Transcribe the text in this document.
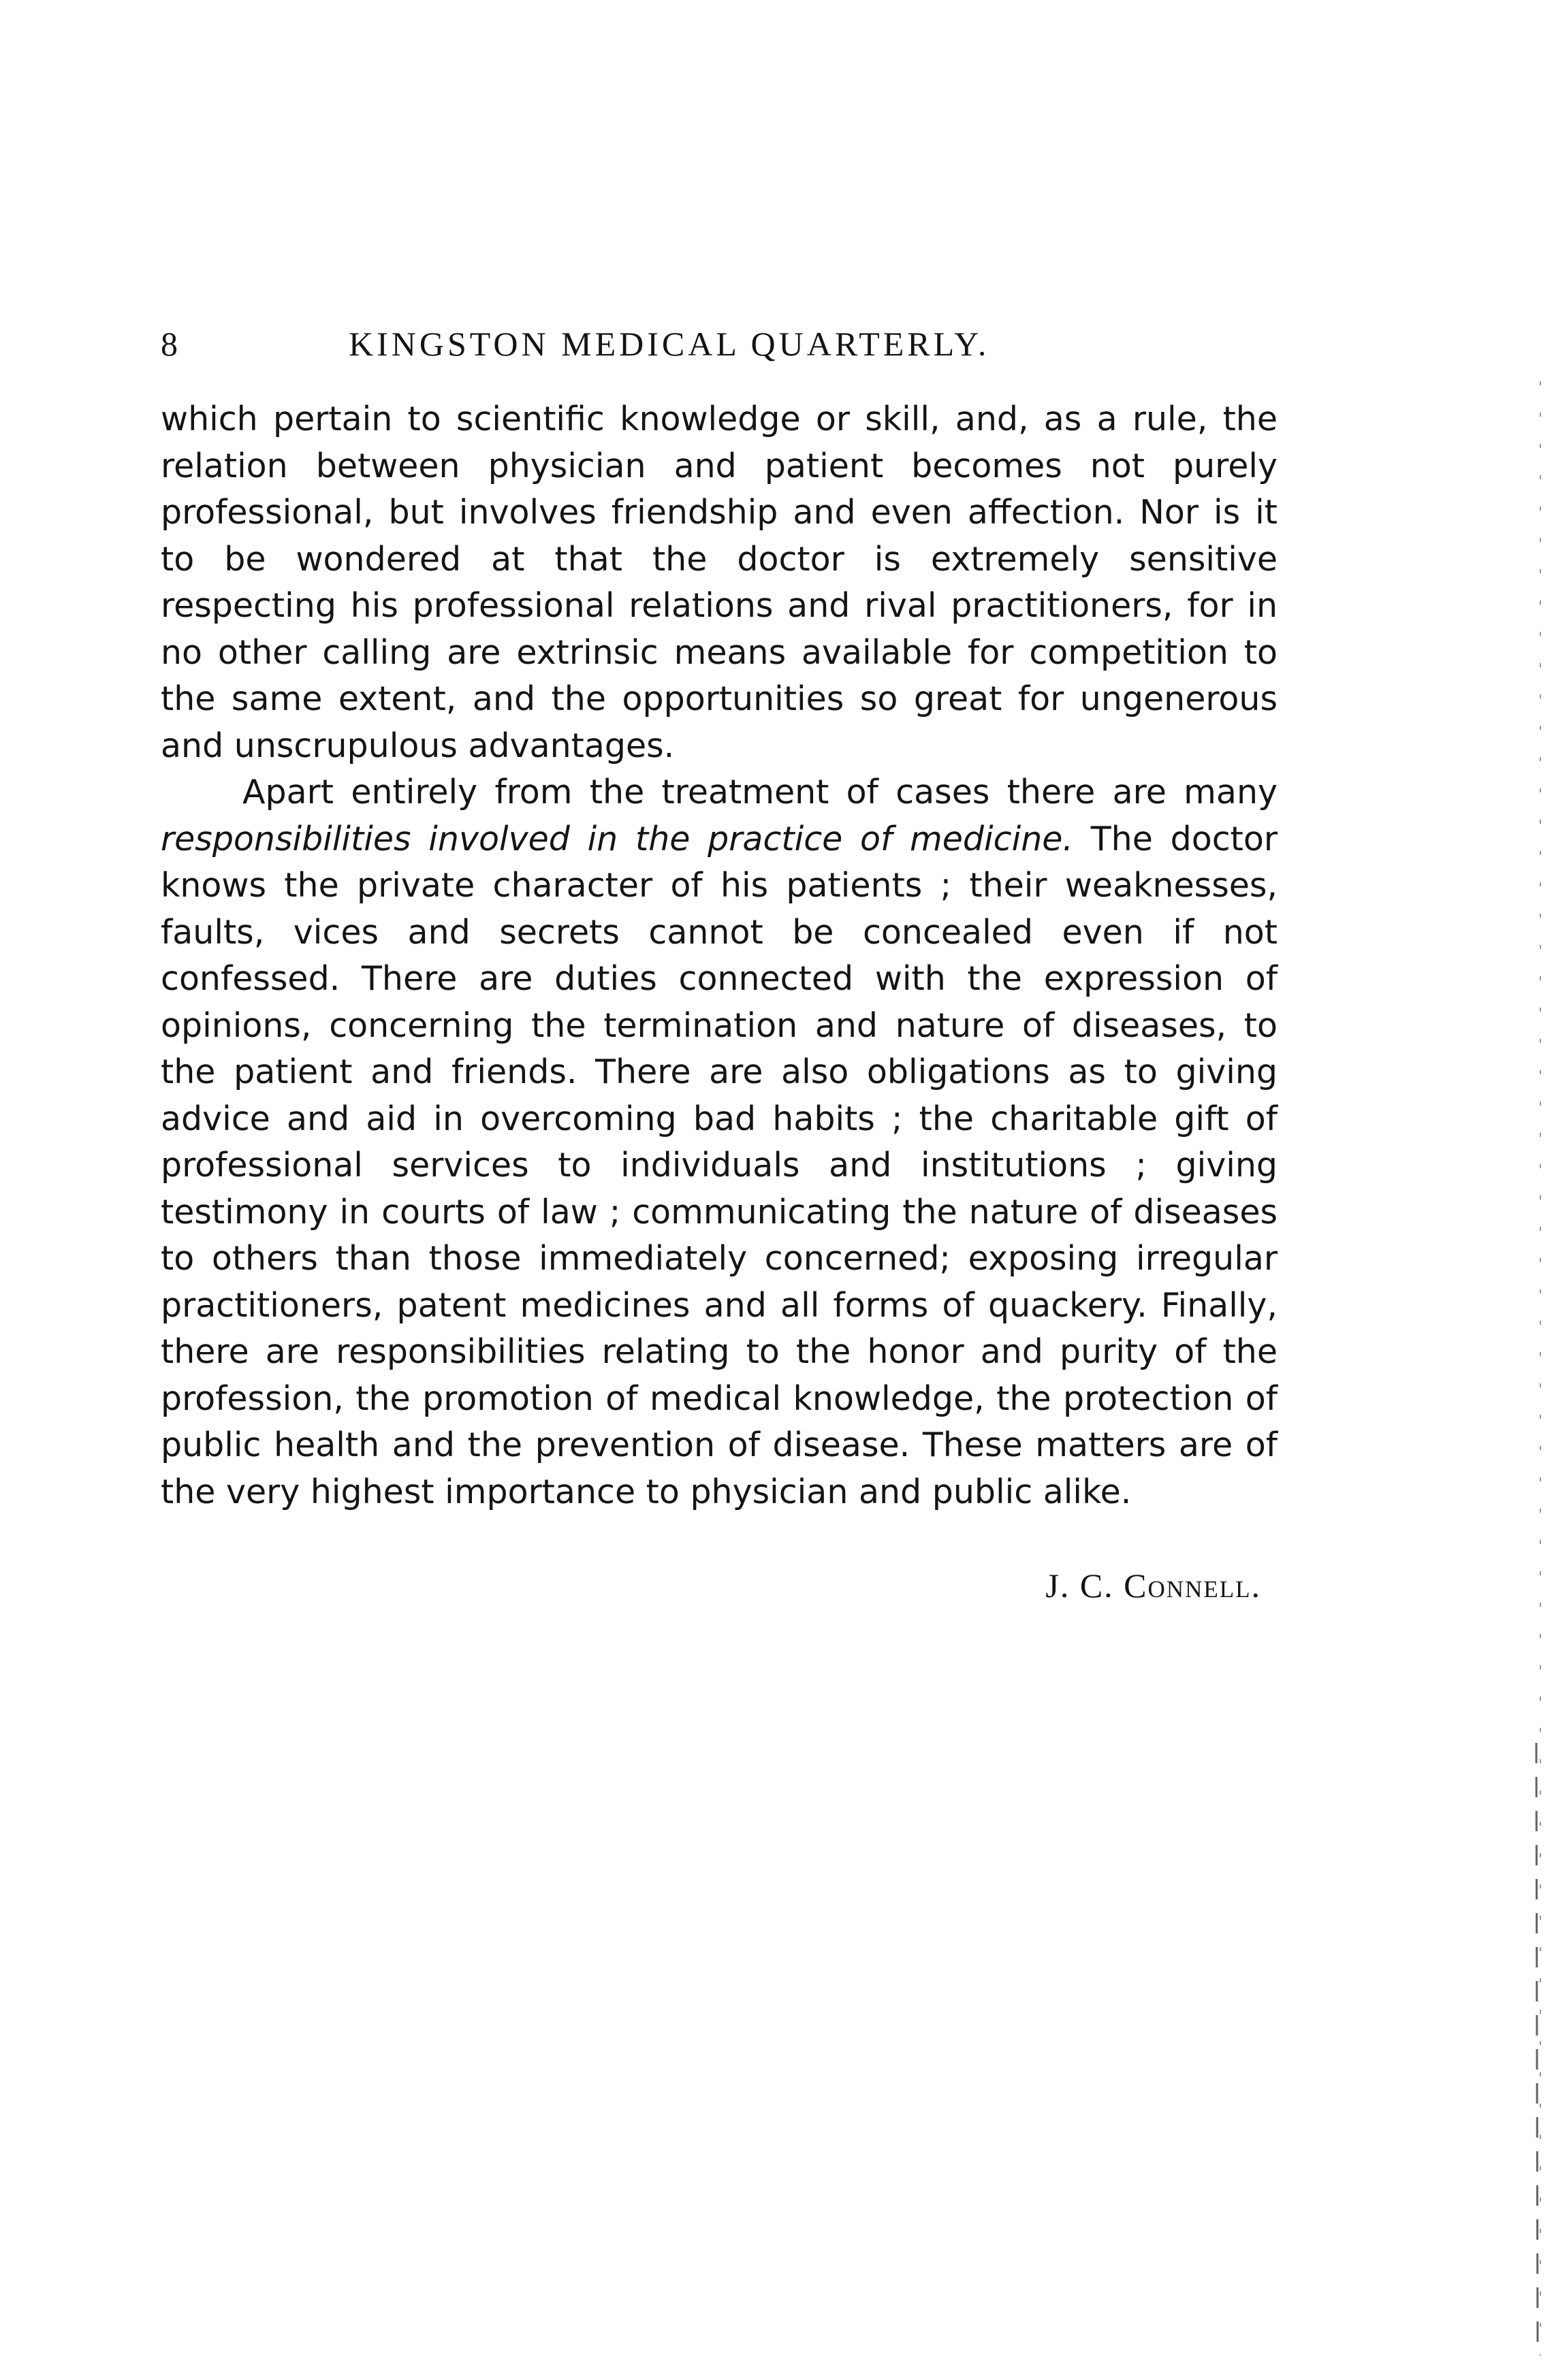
8	KINGSTON MEDICAL QUARTERLY.

which pertain to scientific knowledge or skill, and, as a rule, the relation between physician and patient becomes not purely professional, but involves friendship and even affection. Nor is it to be wondered at that the doctor is extremely sensitive respecting his professional relations and rival practitioners, for in no other calling are extrinsic means available for competition to the same extent, and the opportunities so great for ungenerous and unscrupulous advantages.

Apart entirely from the treatment of cases there are many responsibilities involved in the practice of medicine. The doctor knows the private character of his patients ; their weaknesses, faults, vices and secrets cannot be concealed even if not confessed. There are duties connected with the expression of opinions, concerning the termination and nature of diseases, to the patient and friends. There are also obligations as to giving advice and aid in overcoming bad habits ; the charitable gift of professional services to individuals and institutions ; giving testimony in courts of law ; communicating the nature of diseases to others than those immediately concerned; exposing irregular practitioners, patent medicines and all forms of quackery. Finally, there are responsibilities relating to the honor and purity of the profession, the promotion of medical knowledge, the protection of public health and the prevention of disease. These matters are of the very highest importance to physician and public alike.

J. C. Connell.
